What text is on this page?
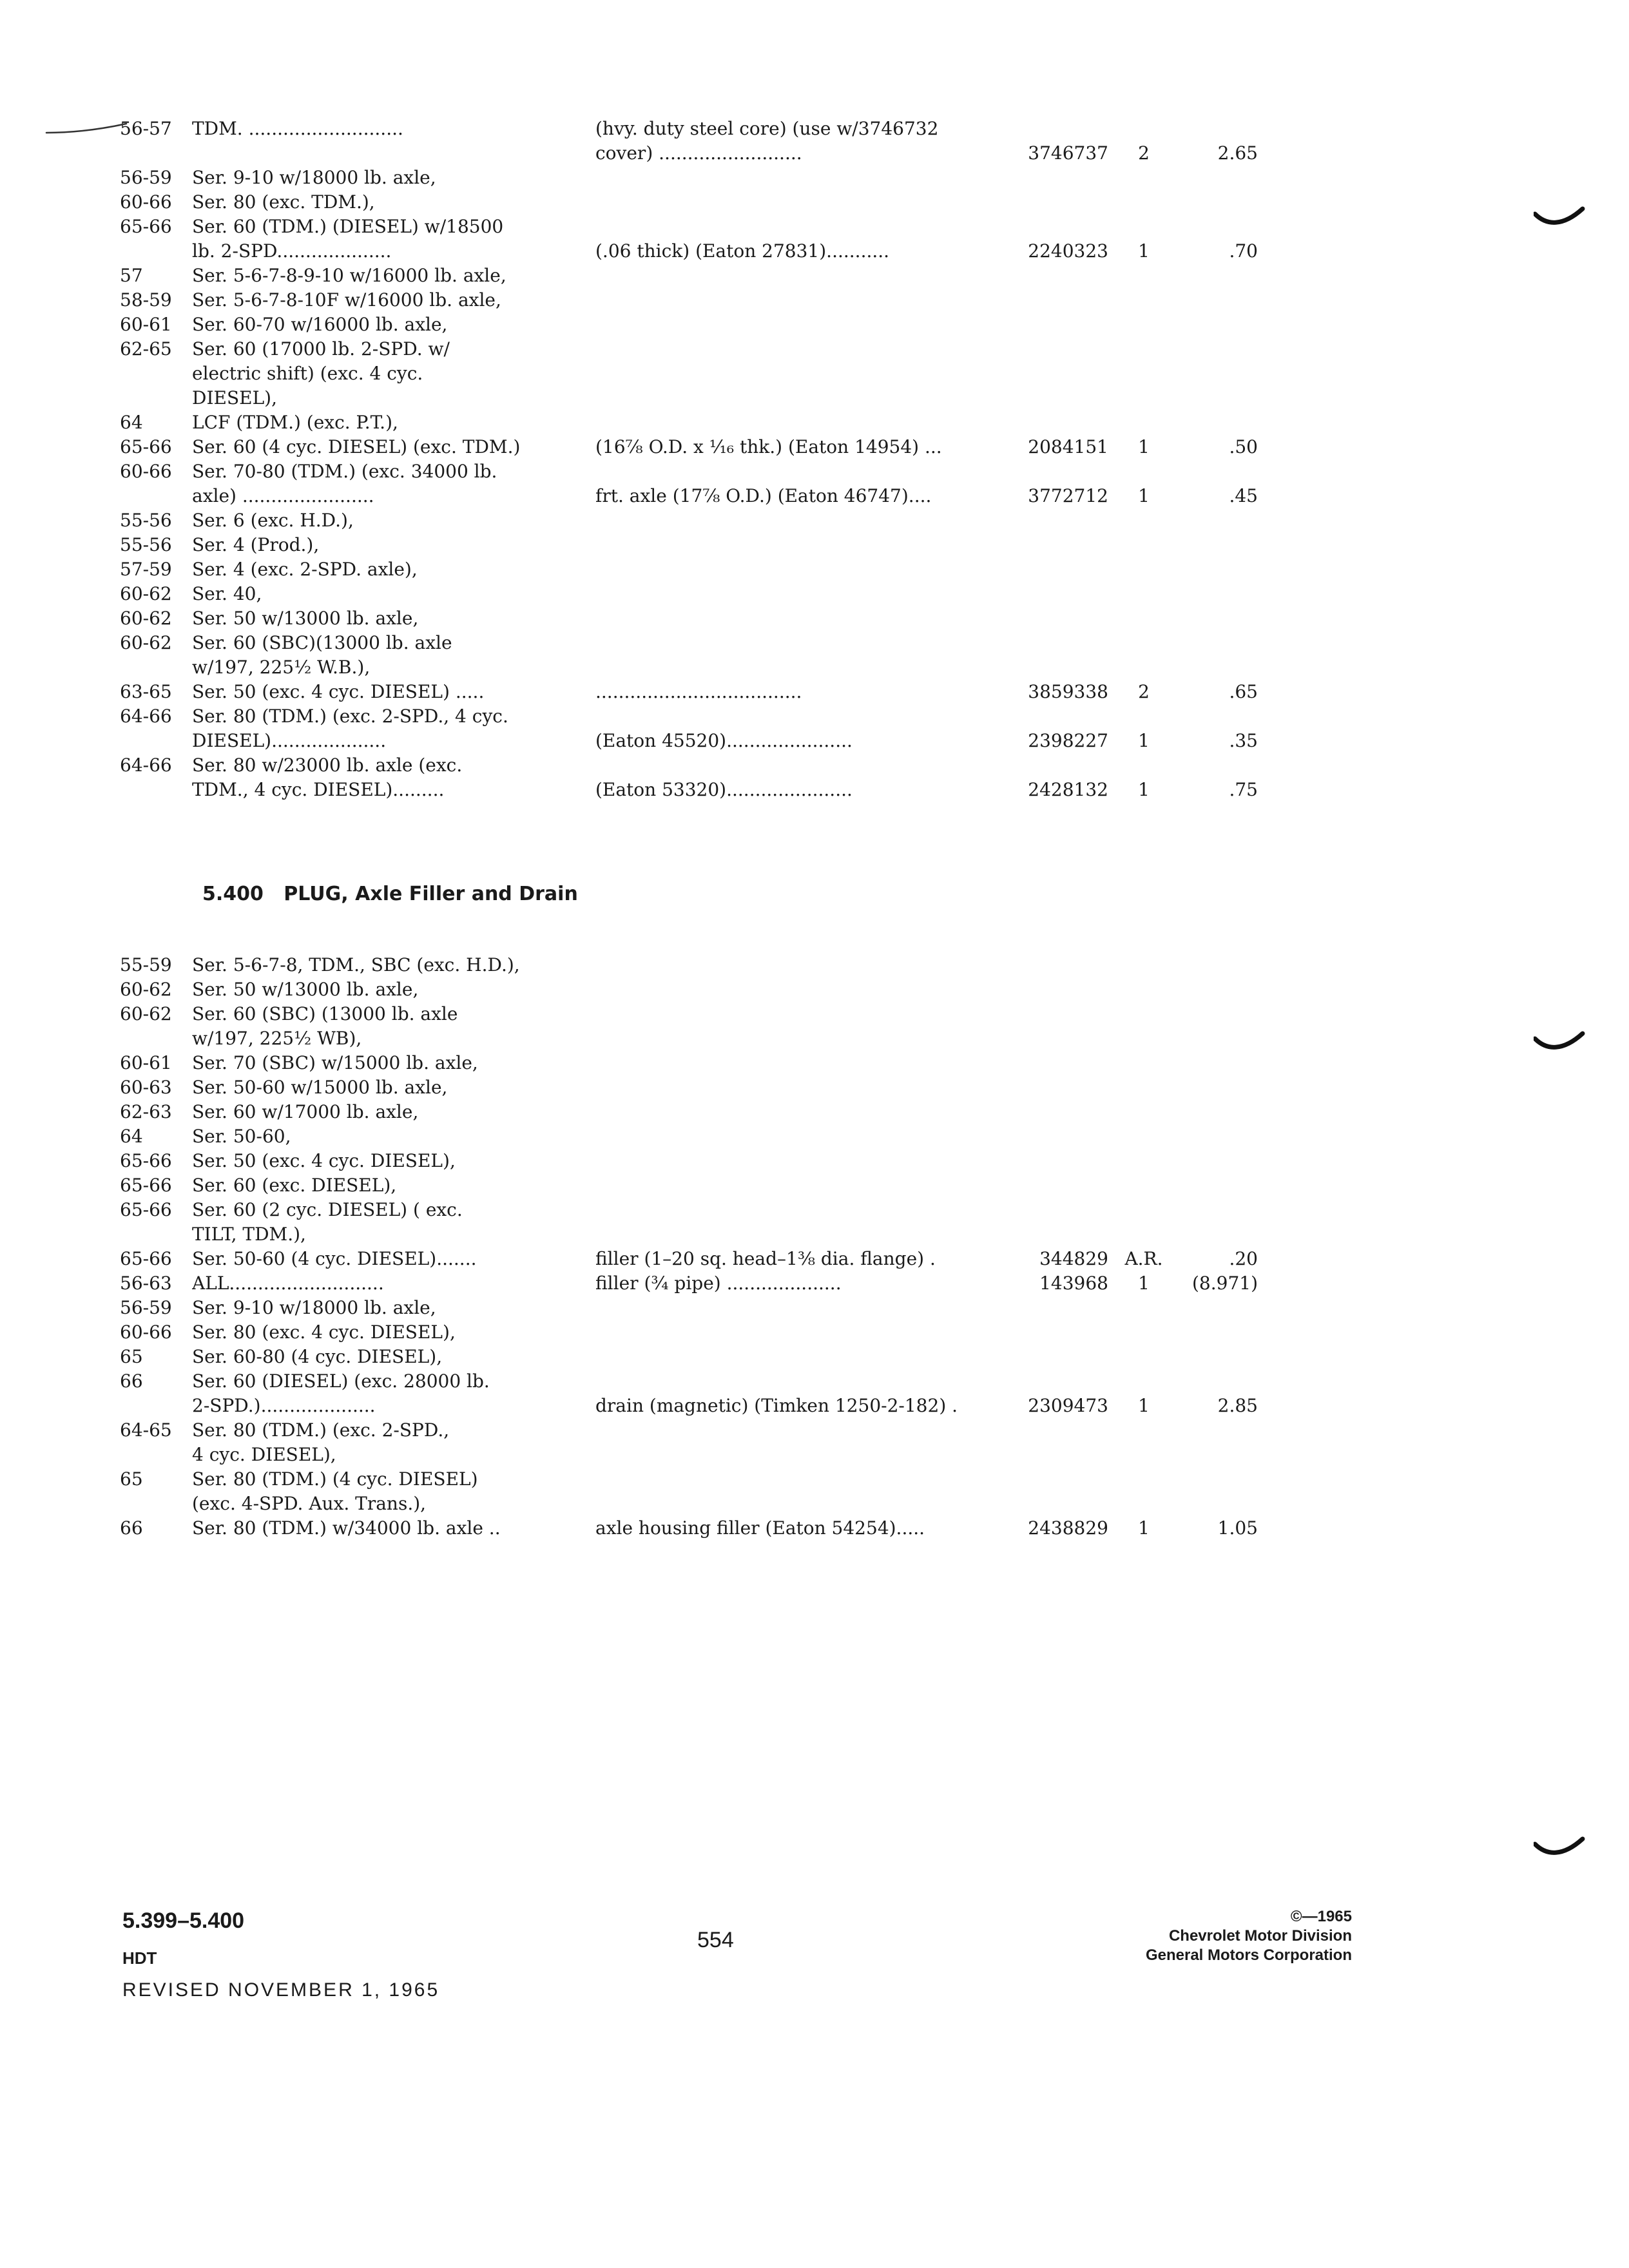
56-57	TDM. ...........................	(hvy. duty steel core) (use w/3746732
cover) .........................	3746737	2	2.65
56-59	Ser. 9-10 w/18000 lb. axle,
60-66	Ser. 80 (exc. TDM.),
65-66	Ser. 60 (TDM.) (DIESEL) w/18500
lb. 2-SPD....................	(.06 thick) (Eaton 27831)...........	2240323	1	.70
57	Ser. 5-6-7-8-9-10 w/16000 lb. axle,
58-59	Ser. 5-6-7-8-10F w/16000 lb. axle,
60-61	Ser. 60-70 w/16000 lb. axle,
62-65	Ser. 60 (17000 lb. 2-SPD. w/
electric shift) (exc. 4 cyc.
DIESEL),
64	LCF (TDM.) (exc. P.T.),
65-66	Ser. 60 (4 cyc. DIESEL) (exc. TDM.)	(16⅞ O.D. x ¹⁄₁₆ thk.) (Eaton 14954) ...	2084151	1	.50
60-66	Ser. 70-80 (TDM.) (exc. 34000 lb.
axle) .......................	frt. axle (17⅞ O.D.) (Eaton 46747)....	3772712	1	.45
55-56	Ser. 6 (exc. H.D.),
55-56	Ser. 4 (Prod.),
57-59	Ser. 4 (exc. 2-SPD. axle),
60-62	Ser. 40,
60-62	Ser. 50 w/13000 lb. axle,
60-62	Ser. 60 (SBC)(13000 lb. axle
w/197, 225½ W.B.),
63-65	Ser. 50 (exc. 4 cyc. DIESEL) .....	....................................	3859338	2	.65
64-66	Ser. 80 (TDM.) (exc. 2-SPD., 4 cyc.
DIESEL)....................	(Eaton 45520)......................	2398227	1	.35
64-66	Ser. 80 w/23000 lb. axle (exc.
TDM., 4 cyc. DIESEL).........	(Eaton 53320)......................	2428132	1	.75
5.400 PLUG, Axle Filler and Drain
55-59	Ser. 5-6-7-8, TDM., SBC (exc. H.D.),
60-62	Ser. 50 w/13000 lb. axle,
60-62	Ser. 60 (SBC) (13000 lb. axle
w/197, 225½ WB),
60-61	Ser. 70 (SBC) w/15000 lb. axle,
60-63	Ser. 50-60 w/15000 lb. axle,
62-63	Ser. 60 w/17000 lb. axle,
64	Ser. 50-60,
65-66	Ser. 50 (exc. 4 cyc. DIESEL),
65-66	Ser. 60 (exc. DIESEL),
65-66	Ser. 60 (2 cyc. DIESEL) ( exc.
TILT, TDM.),
65-66	Ser. 50-60 (4 cyc. DIESEL).......	filler (1–20 sq. head–1⅜ dia. flange) .	344829 A.R.	.20
56-63	ALL...........................	filler (¾ pipe) ....................	143968	1	(8.971)
56-59	Ser. 9-10 w/18000 lb. axle,
60-66	Ser. 80 (exc. 4 cyc. DIESEL),
65	Ser. 60-80 (4 cyc. DIESEL),
66	Ser. 60 (DIESEL) (exc. 28000 lb.
2-SPD.)....................	drain (magnetic) (Timken 1250-2-182) .	2309473	1	2.85
64-65	Ser. 80 (TDM.) (exc. 2-SPD.,
4 cyc. DIESEL),
65	Ser. 80 (TDM.) (4 cyc. DIESEL)
(exc. 4-SPD. Aux. Trans.),
66	Ser. 80 (TDM.) w/34000 lb. axle ..	axle housing filler (Eaton 54254).....	2438829	1	1.05
5.399–5.400
HDT
REVISED NOVEMBER 1, 1965
554
©—1965
Chevrolet Motor Division
General Motors Corporation
